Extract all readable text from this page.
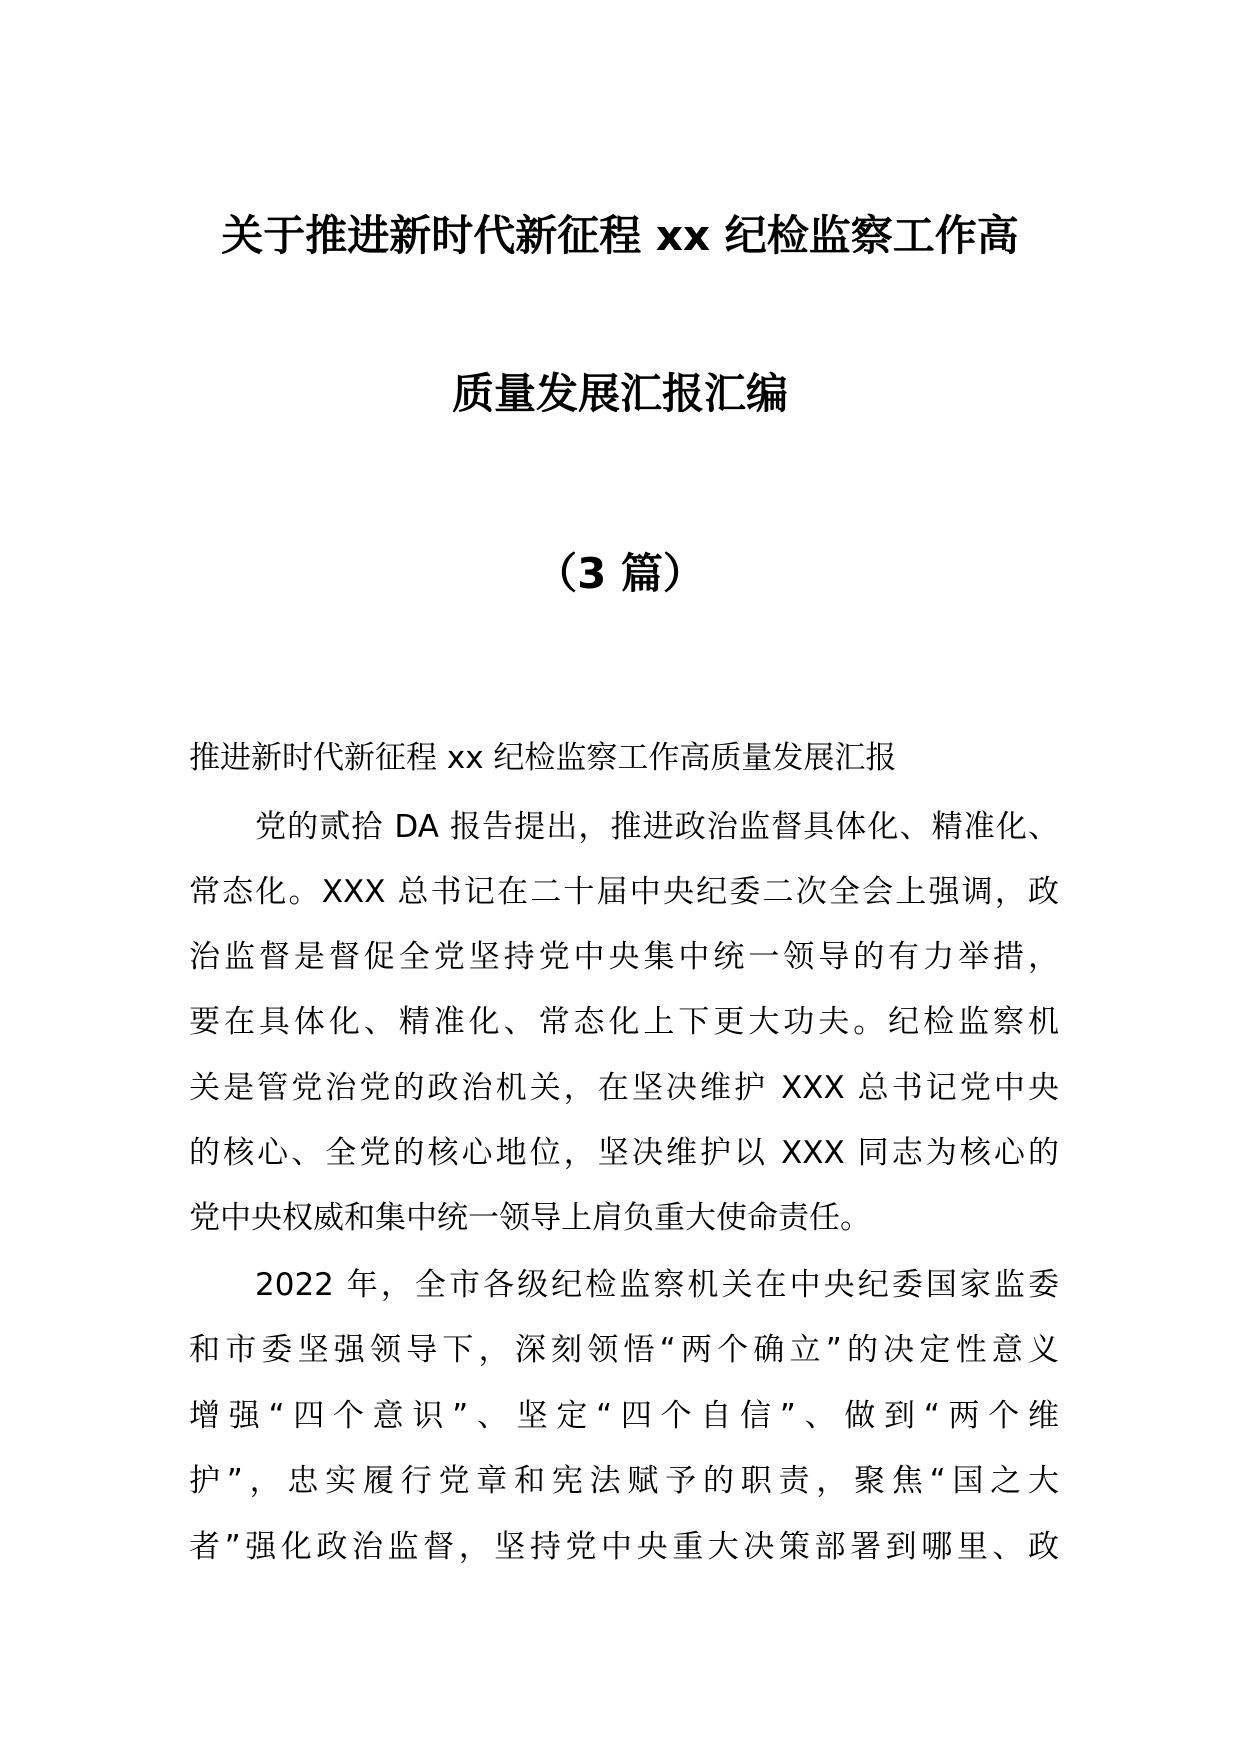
关于推进新时代新征程 xx 纪检监察工作高
质量发展汇报汇编
（3 篇）
推进新时代新征程 xx 纪检监察工作高质量发展汇报
党的贰拾 DA 报告提出，推进政治监督具体化、精准化、
常态化。XXX 总书记在二十届中央纪委二次全会上强调，政
治监督是督促全党坚持党中央集中统一领导的有力举措，
要在具体化、精准化、常态化上下更大功夫。纪检监察机
关是管党治党的政治机关，在坚决维护 XXX 总书记党中央
的核心、全党的核心地位，坚决维护以 XXX 同志为核心的
党中央权威和集中统一领导上肩负重大使命责任。
2022 年，全市各级纪检监察机关在中央纪委国家监委
和市委坚强领导下，深刻领悟“两个确立”的决定性意义
增强“四个意识”、坚定“四个自信”、做到“两个维
护”，忠实履行党章和宪法赋予的职责，聚焦“国之大
者”强化政治监督，坚持党中央重大决策部署到哪里、政
